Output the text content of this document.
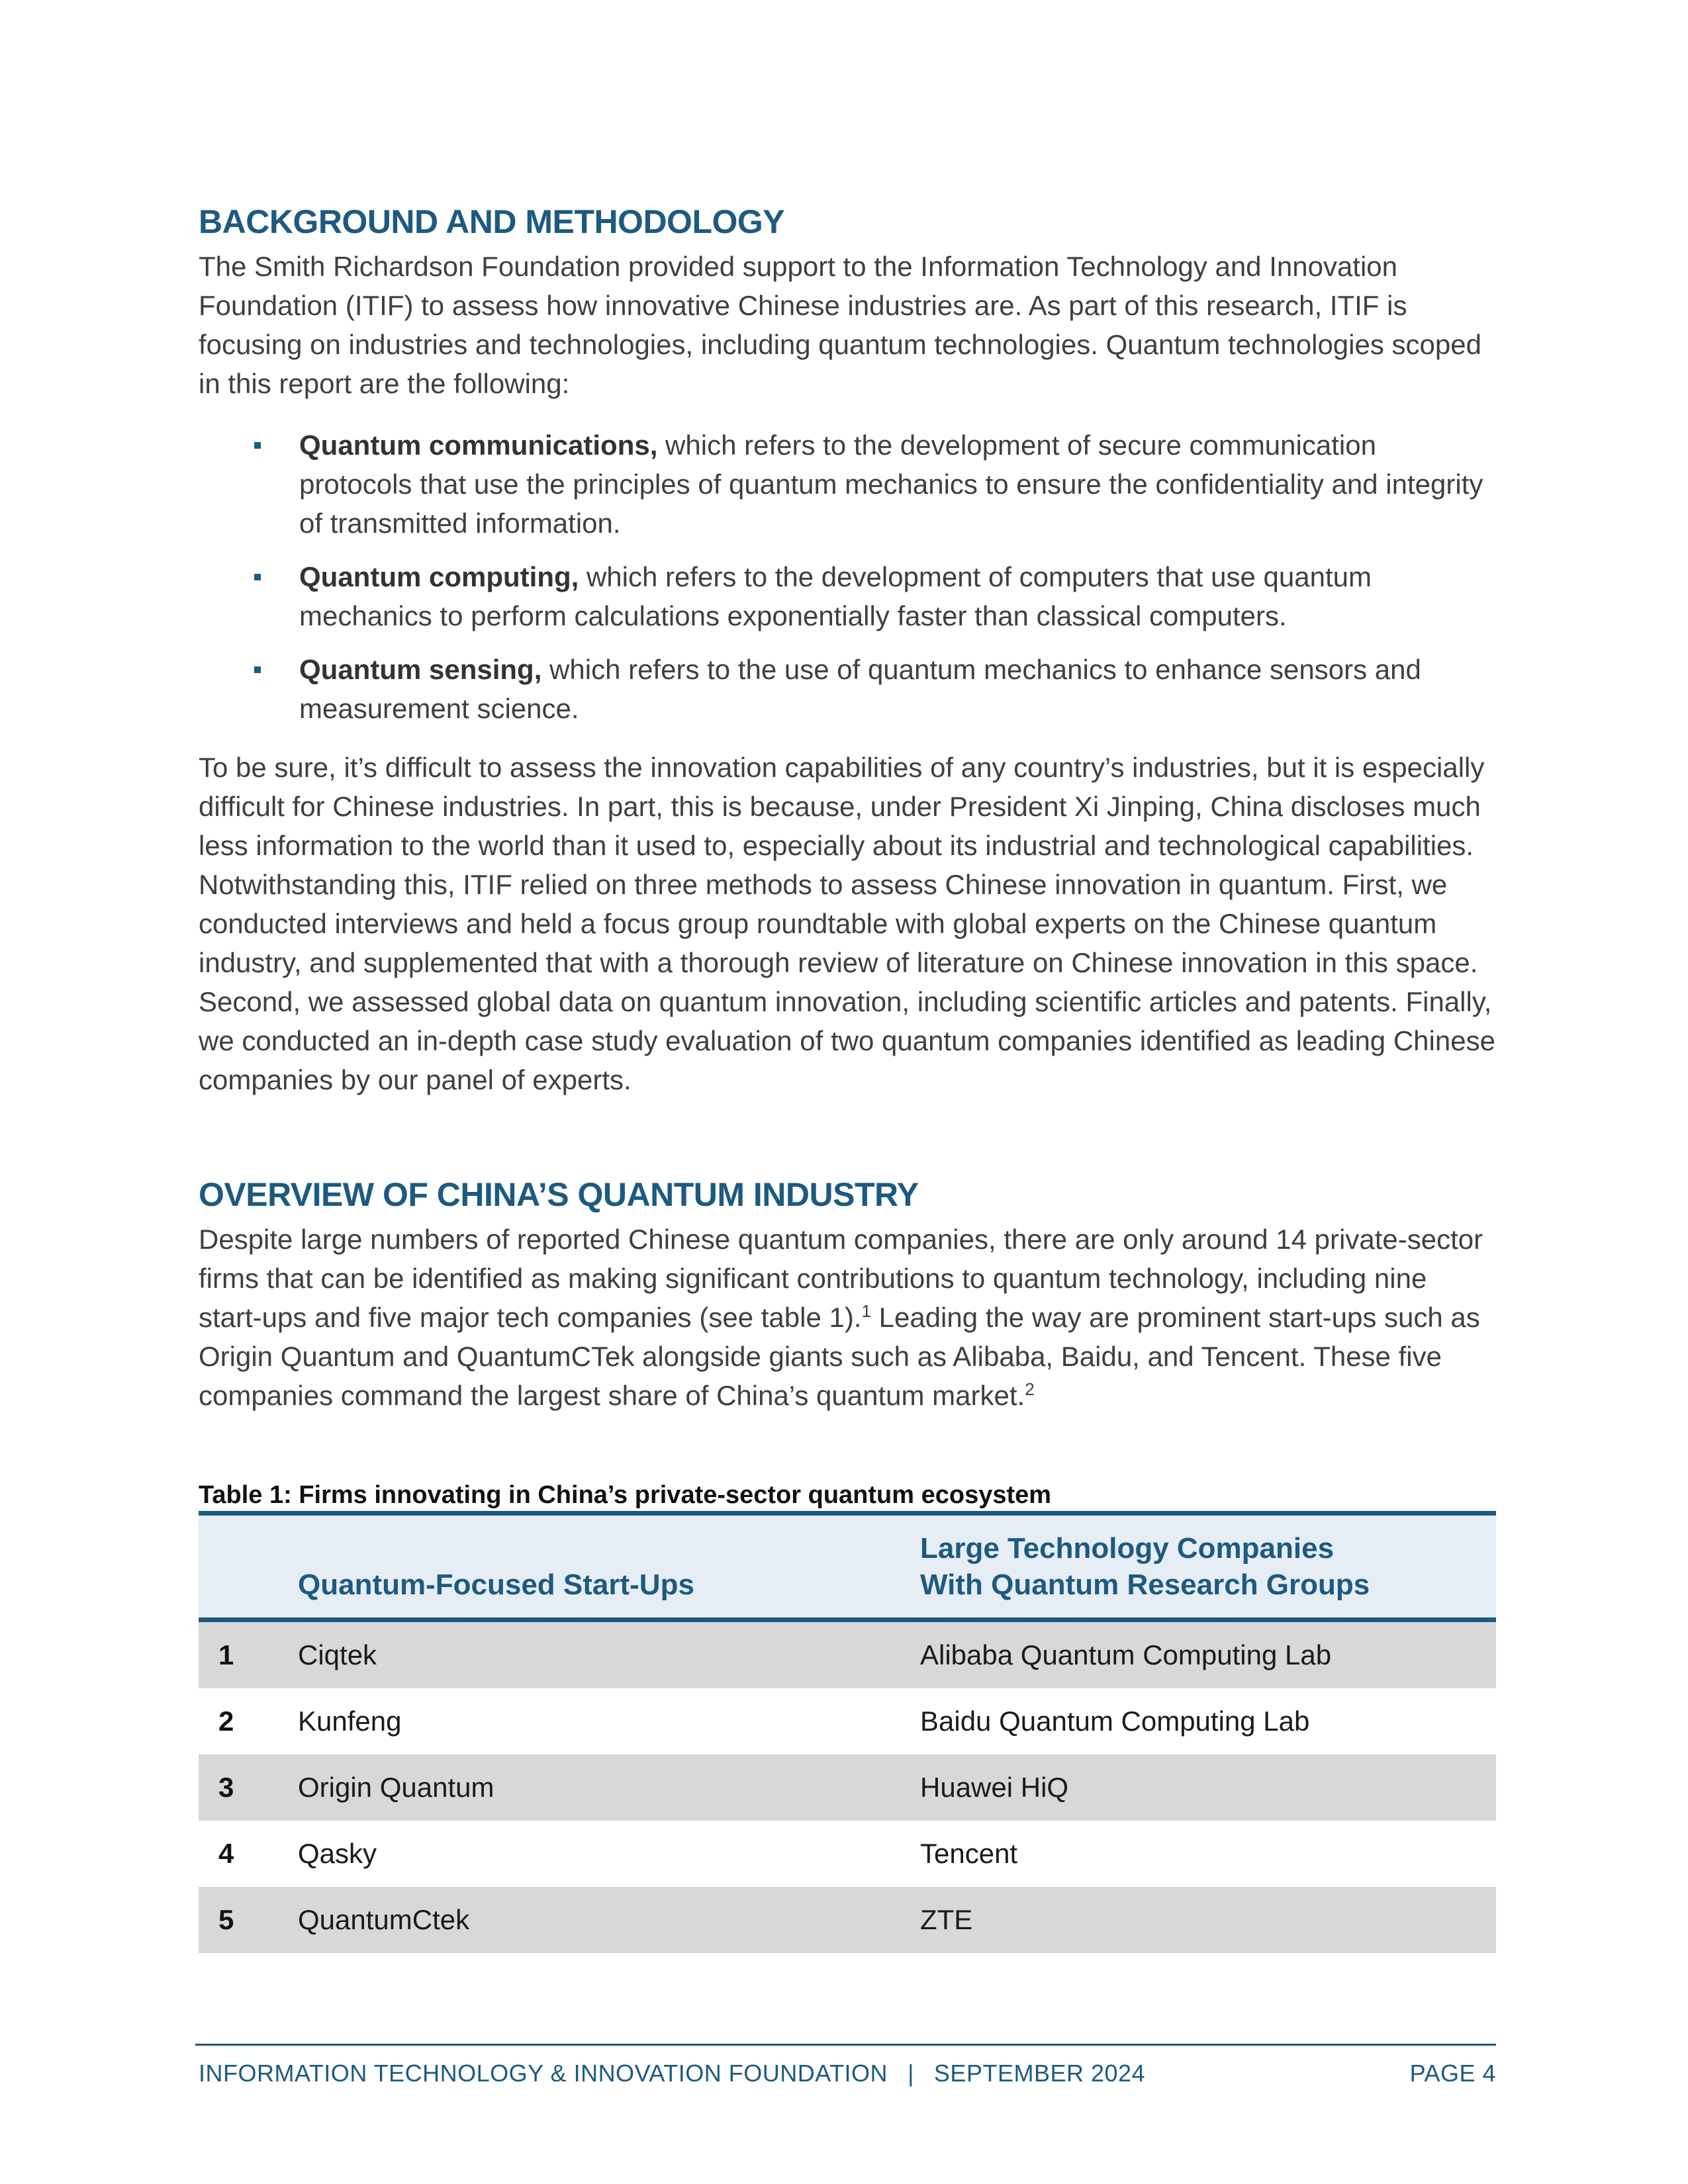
BACKGROUND AND METHODOLOGY

The Smith Richardson Foundation provided support to the Information Technology and Innovation Foundation (ITIF) to assess how innovative Chinese industries are. As part of this research, ITIF is focusing on industries and technologies, including quantum technologies. Quantum technologies scoped in this report are the following:

Quantum communications, which refers to the development of secure communication protocols that use the principles of quantum mechanics to ensure the confidentiality and integrity of transmitted information.
Quantum computing, which refers to the development of computers that use quantum mechanics to perform calculations exponentially faster than classical computers.
Quantum sensing, which refers to the use of quantum mechanics to enhance sensors and measurement science.

To be sure, it’s difficult to assess the innovation capabilities of any country’s industries, but it is especially difficult for Chinese industries. In part, this is because, under President Xi Jinping, China discloses much less information to the world than it used to, especially about its industrial and technological capabilities. Notwithstanding this, ITIF relied on three methods to assess Chinese innovation in quantum. First, we conducted interviews and held a focus group roundtable with global experts on the Chinese quantum industry, and supplemented that with a thorough review of literature on Chinese innovation in this space. Second, we assessed global data on quantum innovation, including scientific articles and patents. Finally, we conducted an in-depth case study evaluation of two quantum companies identified as leading Chinese companies by our panel of experts.

OVERVIEW OF CHINA’S QUANTUM INDUSTRY

Despite large numbers of reported Chinese quantum companies, there are only around 14 private-sector firms that can be identified as making significant contributions to quantum technology, including nine start-ups and five major tech companies (see table 1).$^1$ Leading the way are prominent start-ups such as Origin Quantum and QuantumCTek alongside giants such as Alibaba, Baidu, and Tencent. These five companies command the largest share of China’s quantum market.$^2$

Table 1: Firms innovating in China’s private-sector quantum ecosystem
	Quantum-Focused Start-Ups	Large Technology Companies With Quantum Research Groups
1	Ciqtek	Alibaba Quantum Computing Lab
2	Kunfeng	Baidu Quantum Computing Lab
3	Origin Quantum	Huawei HiQ
4	Qasky	Tencent
5	QuantumCtek	ZTE
INFORMATION TECHNOLOGY & INNOVATION FOUNDATION | SEPTEMBER 2024	PAGE 4
